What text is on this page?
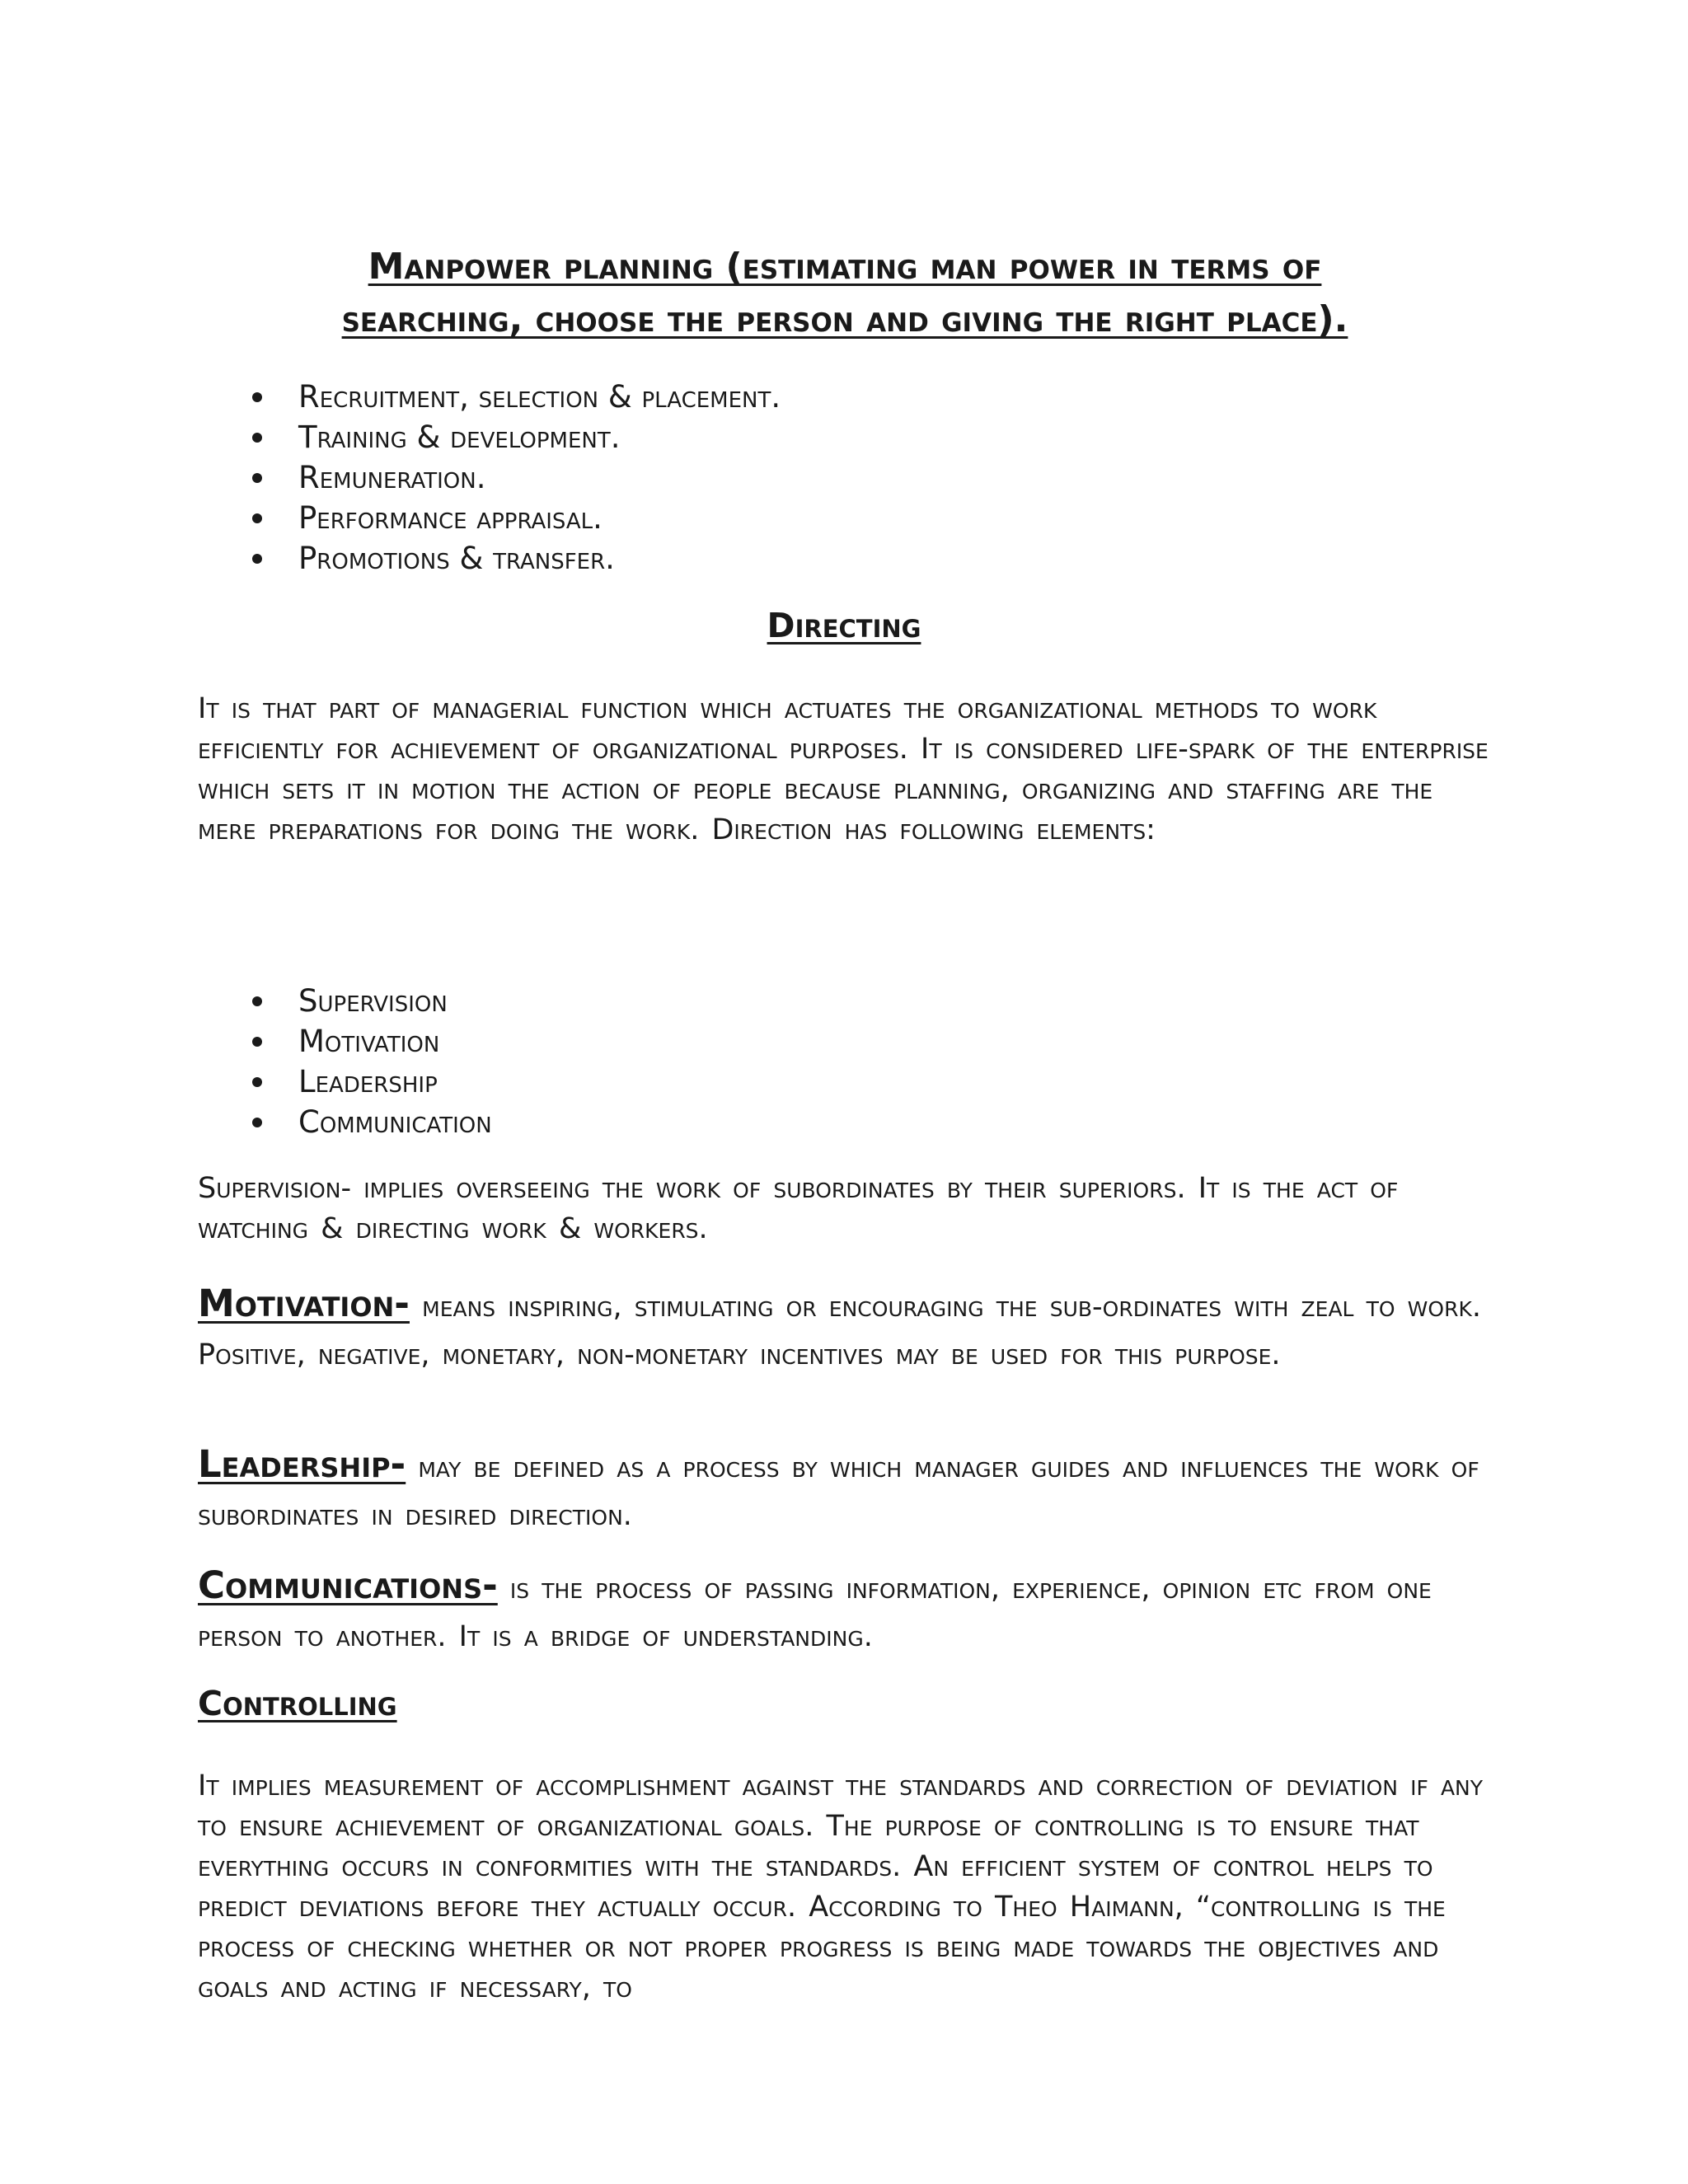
Manpower planning (estimating man power in terms of
searching, choose the person and giving the right place).
Recruitment, selection & placement.
Training & development.
Remuneration.
Performance appraisal.
Promotions & transfer.
Directing
It is that part of managerial function which actuates the organizational methods to work efficiently for achievement of organizational purposes. It is considered life-spark of the enterprise which sets it in motion the action of people because planning, organizing and staffing are the mere preparations for doing the work. Direction has following elements:
Supervision
Motivation
Leadership
Communication
Supervision- implies overseeing the work of subordinates by their superiors. It is the act of watching & directing work & workers.
Motivation- means inspiring, stimulating or encouraging the sub-ordinates with zeal to work. Positive, negative, monetary, non-monetary incentives may be used for this purpose.
Leadership- may be defined as a process by which manager guides and influences the work of subordinates in desired direction.
Communications- is the process of passing information, experience, opinion etc from one person to another. It is a bridge of understanding.
Controlling
It implies measurement of accomplishment against the standards and correction of deviation if any to ensure achievement of organizational goals. The purpose of controlling is to ensure that everything occurs in conformities with the standards. An efficient system of control helps to predict deviations before they actually occur. According to Theo Haimann, “controlling is the process of checking whether or not proper progress is being made towards the objectives and goals and acting if necessary, to
